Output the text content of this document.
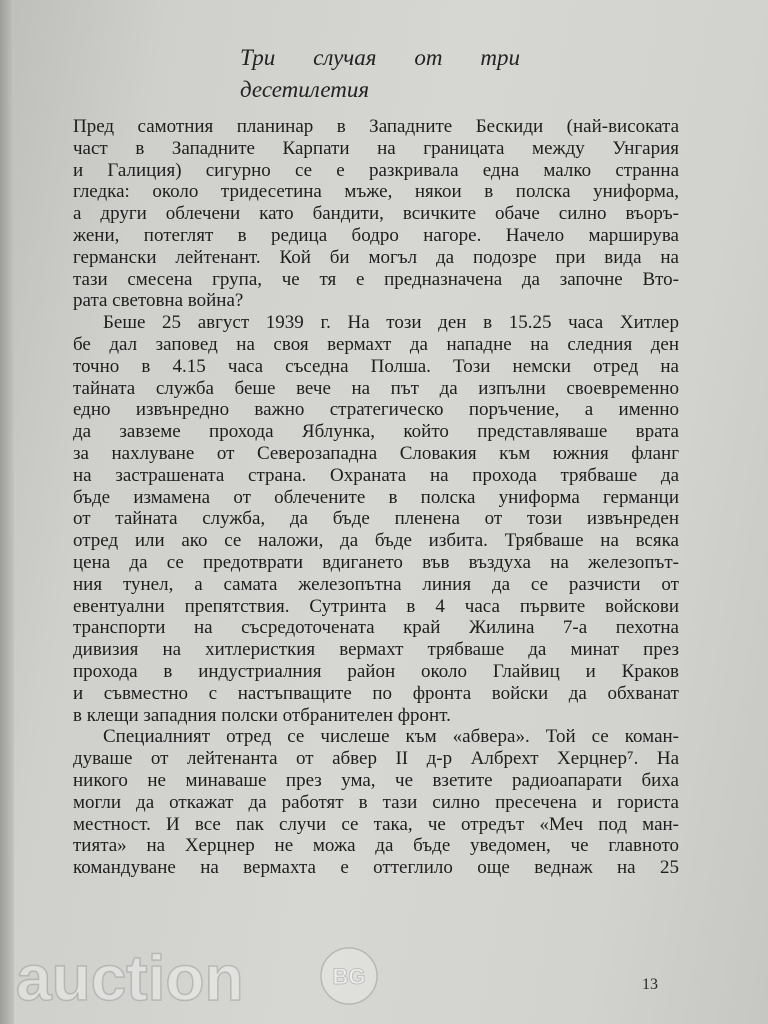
Три случая от три
десетилетия
Пред самотния планинар в Западните Бескиди (най-високата
част в Западните Карпати на границата между Унгария
и Галиция) сигурно се е разкривала една малко странна
гледка: около тридесетина мъже, някои в полска униформа,
а други облечени като бандити, всичките обаче силно въоръ-
жени, потеглят в редица бодро нагоре. Начело марширува
германски лейтенант. Кой би могъл да подозре при вида на
тази смесена група, че тя е предназначена да започне Вто-
рата световна война?
Беше 25 август 1939 г. На този ден в 15.25 часа Хитлер
бе дал заповед на своя вермахт да нападне на следния ден
точно в 4.15 часа съседна Полша. Този немски отред на
тайната служба беше вече на път да изпълни своевременно
едно извънредно важно стратегическо поръчение, а именно
да завземе прохода Яблунка, който представляваше врата
за нахлуване от Северозападна Словакия към южния фланг
на застрашената страна. Охраната на прохода трябваше да
бъде измамена от облечените в полска униформа германци
от тайната служба, да бъде пленена от този извънреден
отред или ако се наложи, да бъде избита. Трябваше на всяка
цена да се предотврати вдигането във въздуха на железопът-
ния тунел, а самата железопътна линия да се разчисти от
евентуални препятствия. Сутринта в 4 часа първите войскови
транспорти на съсредоточената край Жилина 7-а пехотна
дивизия на хитлеристкия вермахт трябваше да минат през
прохода в индустриалния район около Глайвиц и Краков
и съвместно с настъпващите по фронта войски да обхванат
в клещи западния полски отбранителен фронт.
Специалният отред се числеше към «абвера». Той се коман-
дуваше от лейтенанта от абвер II д-р Албрехт Херцнер⁷. На
никого не минаваше през ума, че взетите радиоапарати биха
могли да откажат да работят в тази силно пресечена и гориста
местност. И все пак случи се така, че отредът «Меч под ман-
тията» на Херцнер не можа да бъде уведомен, че главното
командуване на вермахта е оттеглило още веднаж на 25
auction	BG	13
